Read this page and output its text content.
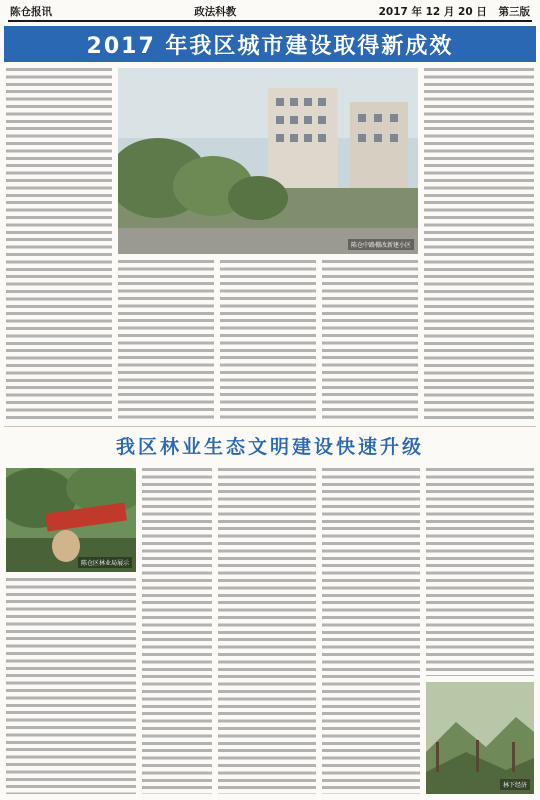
陈仓报讯	政法科教	2017 年 12 月 20 日 第三版
2017 年我区城市建设取得新成效
陈仓中路棚改新建小区
我区林业生态文明建设快速升级
陈仓区林业局展示
林下经济
